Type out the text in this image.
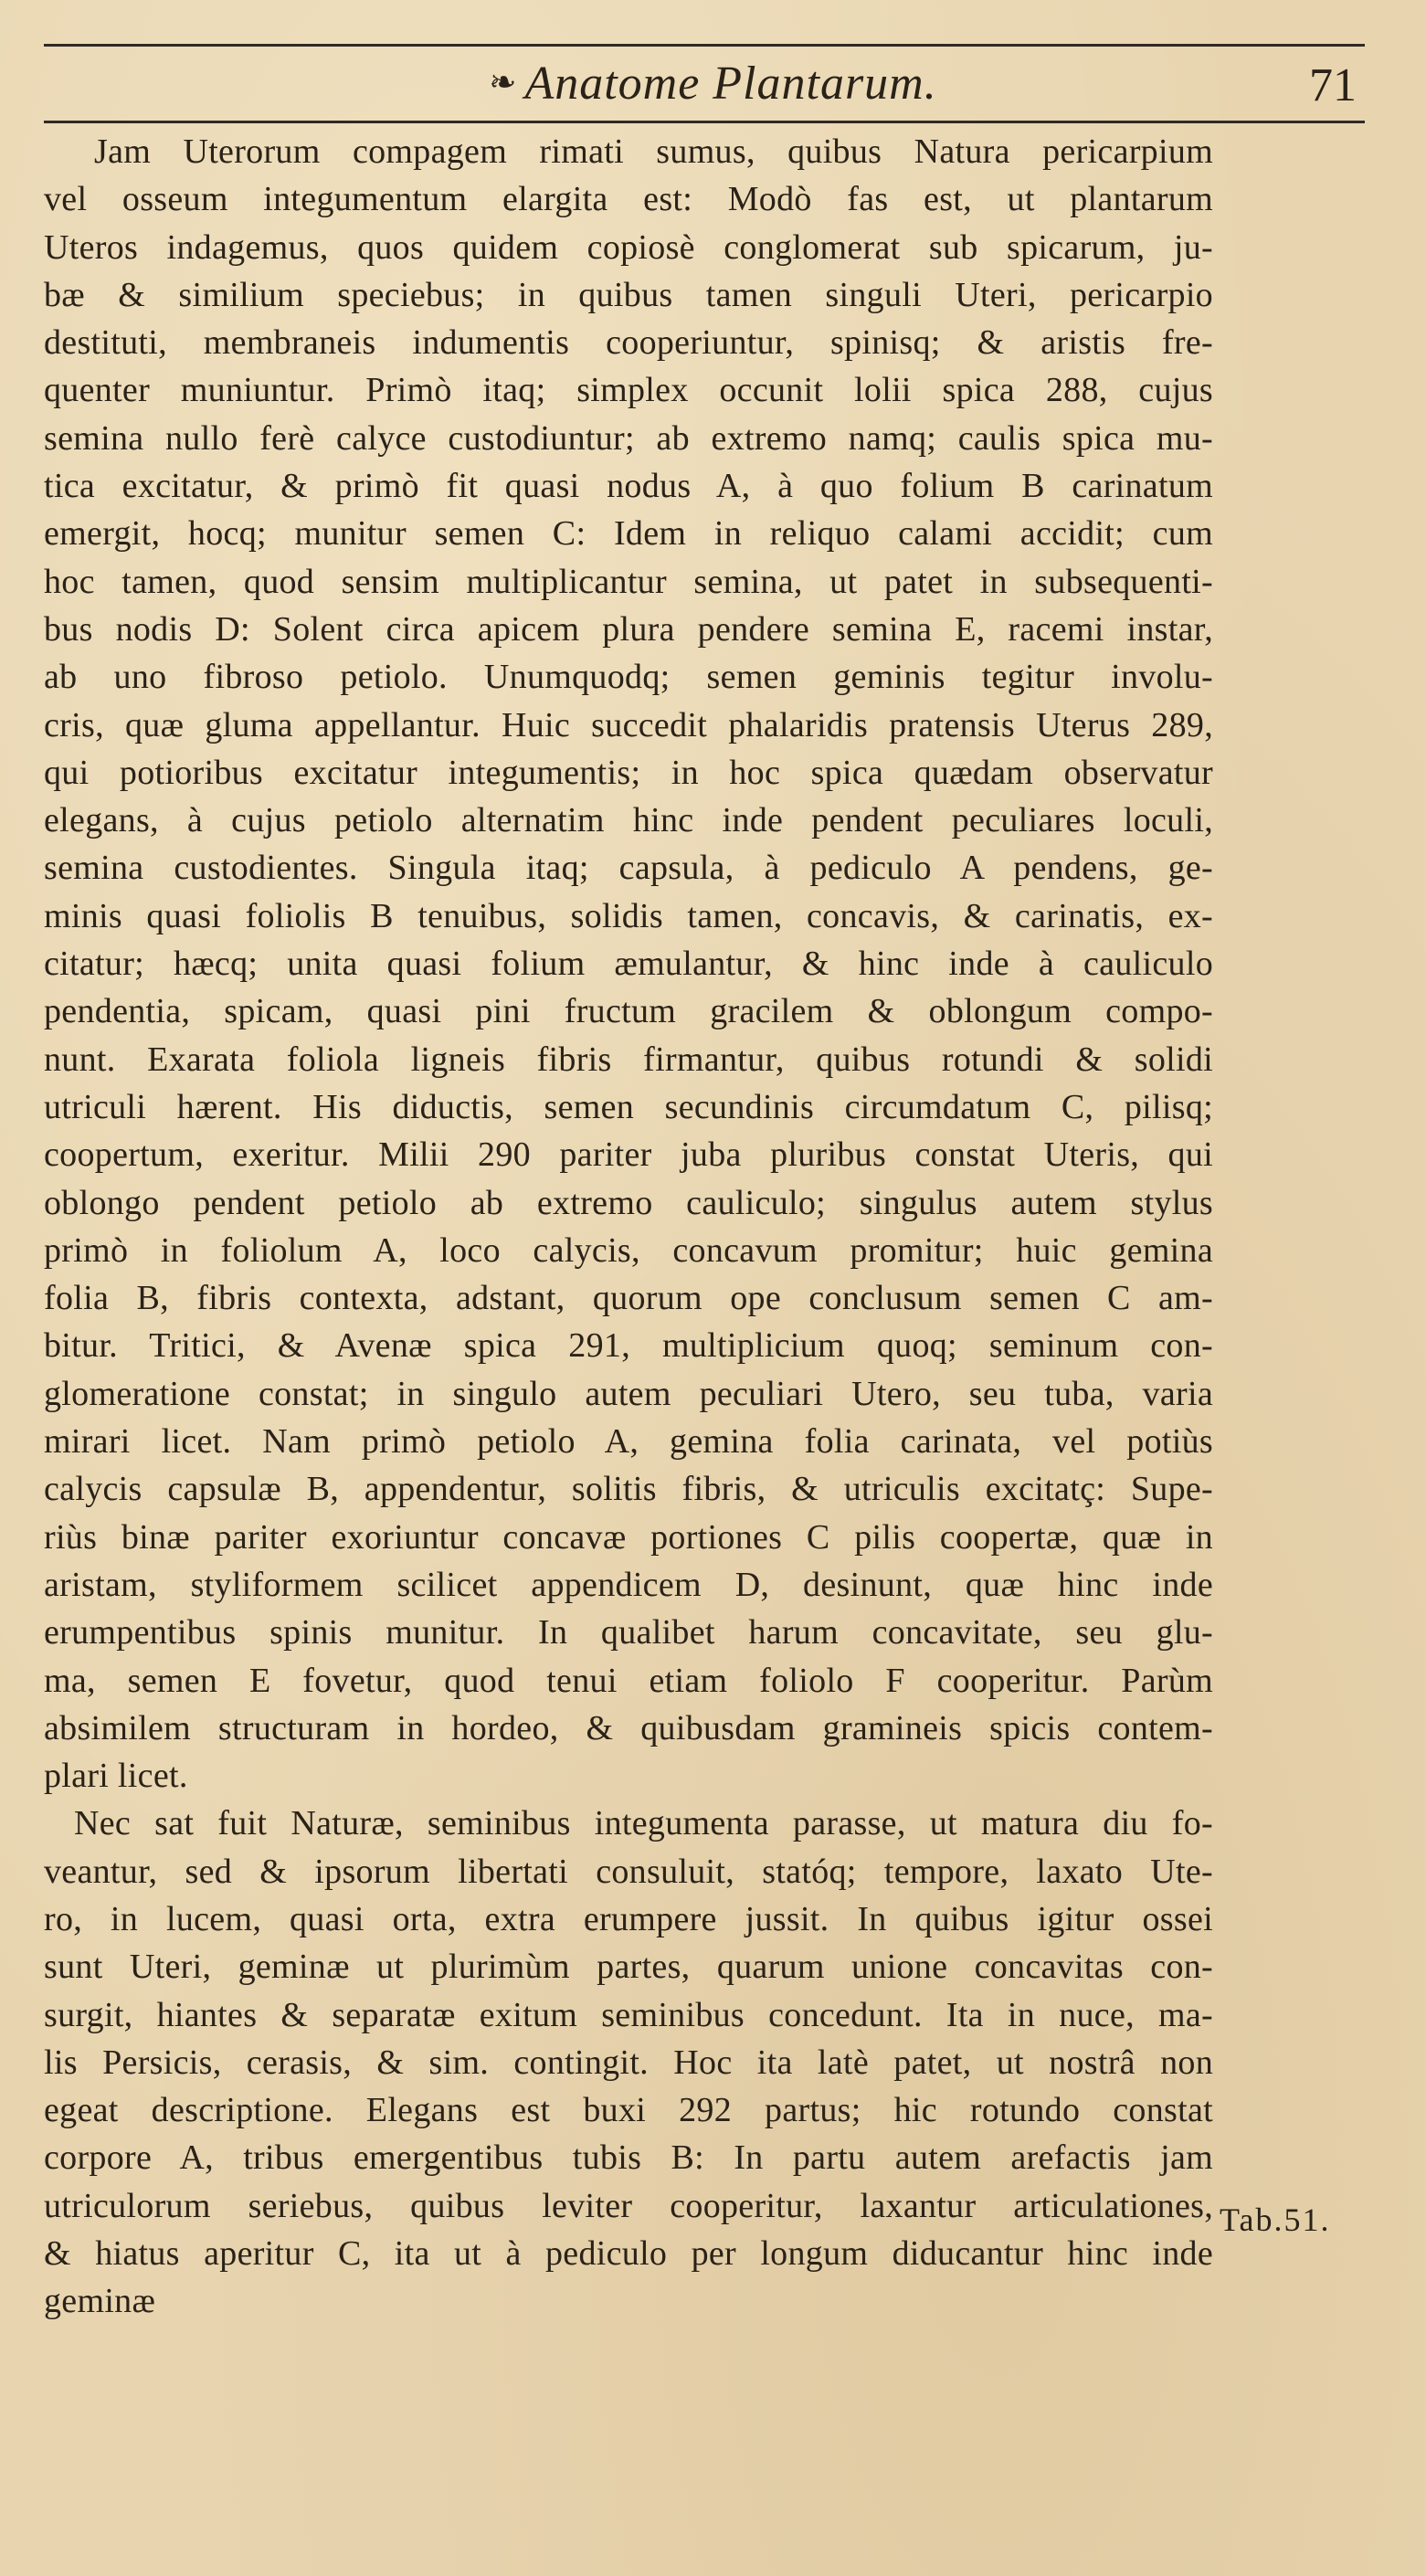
❧ Anatome Plantarum.	71
Jam Uterorum compagem rimati sumus, quibus Natura pericarpium
vel osseum integumentum elargita est: Modò fas est, ut plantarum
Uteros indagemus, quos quidem copiosè conglomerat sub spicarum, ju-
bæ & similium speciebus; in quibus tamen singuli Uteri, pericarpio
destituti, membraneis indumentis cooperiuntur, spinisq; & aristis fre-
quenter muniuntur. Primò itaq; simplex occunit lolii spica 288, cujus
semina nullo ferè calyce custodiuntur; ab extremo namq; caulis spica mu-
tica excitatur, & primò fit quasi nodus A, à quo folium B carinatum
emergit, hocq; munitur semen C: Idem in reliquo calami accidit; cum
hoc tamen, quod sensim multiplicantur semina, ut patet in subsequenti-
bus nodis D: Solent circa apicem plura pendere semina E, racemi instar,
ab uno fibroso petiolo. Unumquodq; semen geminis tegitur involu-
cris, quæ gluma appellantur. Huic succedit phalaridis pratensis Uterus 289,
qui potioribus excitatur integumentis; in hoc spica quædam observatur
elegans, à cujus petiolo alternatim hinc inde pendent peculiares loculi,
semina custodientes. Singula itaq; capsula, à pediculo A pendens, ge-
minis quasi foliolis B tenuibus, solidis tamen, concavis, & carinatis, ex-
citatur; hæcq; unita quasi folium æmulantur, & hinc inde à cauliculo
pendentia, spicam, quasi pini fructum gracilem & oblongum compo-
nunt. Exarata foliola ligneis fibris firmantur, quibus rotundi & solidi
utriculi hærent. His diductis, semen secundinis circumdatum C, pilisq;
coopertum, exeritur. Milii 290 pariter juba pluribus constat Uteris, qui
oblongo pendent petiolo ab extremo cauliculo; singulus autem stylus
primò in foliolum A, loco calycis, concavum promitur; huic gemina
folia B, fibris contexta, adstant, quorum ope conclusum semen C am-
bitur. Tritici, & Avenæ spica 291, multiplicium quoq; seminum con-
glomeratione constat; in singulo autem peculiari Utero, seu tuba, varia
mirari licet. Nam primò petiolo A, gemina folia carinata, vel potiùs
calycis capsulæ B, appendentur, solitis fibris, & utriculis excitatç: Supe-
riùs binæ pariter exoriuntur concavæ portiones C pilis coopertæ, quæ in
aristam, styliformem scilicet appendicem D, desinunt, quæ hinc inde
erumpentibus spinis munitur. In qualibet harum concavitate, seu glu-
ma, semen E fovetur, quod tenui etiam foliolo F cooperitur. Parùm
absimilem structuram in hordeo, & quibusdam gramineis spicis contem-
plari licet.
Nec sat fuit Naturæ, seminibus integumenta parasse, ut matura diu fo-
veantur, sed & ipsorum libertati consuluit, statóq; tempore, laxato Ute-
ro, in lucem, quasi orta, extra erumpere jussit. In quibus igitur ossei
sunt Uteri, geminæ ut plurimùm partes, quarum unione concavitas con-
surgit, hiantes & separatæ exitum seminibus concedunt. Ita in nuce, ma-
lis Persicis, cerasis, & sim. contingit. Hoc ita latè patet, ut nostrâ non
egeat descriptione. Elegans est buxi 292 partus; hic rotundo constat
corpore A, tribus emergentibus tubis B: In partu autem arefactis jam
utriculorum seriebus, quibus leviter cooperitur, laxantur articulationes,
& hiatus aperitur C, ita ut à pediculo per longum diducantur hinc inde
geminæ
Tab.51.
